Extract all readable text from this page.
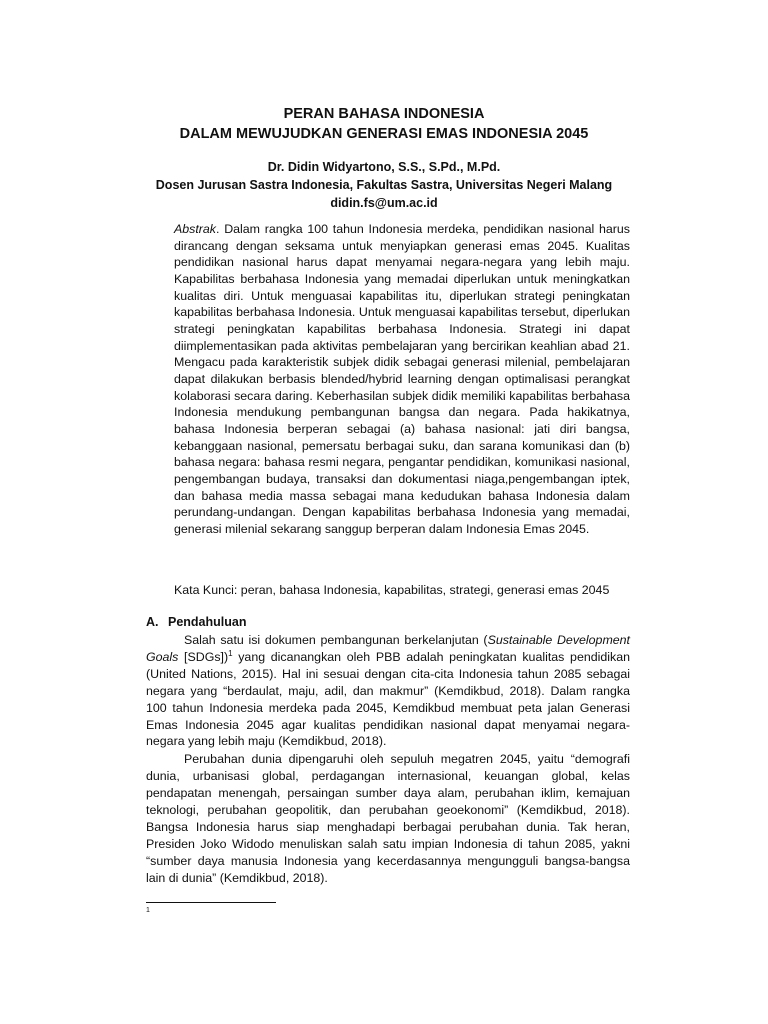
PERAN BAHASA INDONESIA
DALAM MEWUJUDKAN GENERASI EMAS INDONESIA 2045
Dr. Didin Widyartono, S.S., S.Pd., M.Pd.
Dosen Jurusan Sastra Indonesia, Fakultas Sastra, Universitas Negeri Malang
didin.fs@um.ac.id
Abstrak. Dalam rangka 100 tahun Indonesia merdeka, pendidikan nasional harus dirancang dengan seksama untuk menyiapkan generasi emas 2045. Kualitas pendidikan nasional harus dapat menyamai negara-negara yang lebih maju. Kapabilitas berbahasa Indonesia yang memadai diperlukan untuk meningkatkan kualitas diri. Untuk menguasai kapabilitas itu, diperlukan strategi peningkatan kapabilitas berbahasa Indonesia. Untuk menguasai kapabilitas tersebut, diperlukan strategi peningkatan kapabilitas berbahasa Indonesia. Strategi ini dapat diimplementasikan pada aktivitas pembelajaran yang bercirikan keahlian abad 21. Mengacu pada karakteristik subjek didik sebagai generasi milenial, pembelajaran dapat dilakukan berbasis blended/hybrid learning dengan optimalisasi perangkat kolaborasi secara daring. Keberhasilan subjek didik memiliki kapabilitas berbahasa Indonesia mendukung pembangunan bangsa dan negara. Pada hakikatnya, bahasa Indonesia berperan sebagai (a) bahasa nasional: jati diri bangsa, kebanggaan nasional, pemersatu berbagai suku, dan sarana komunikasi dan (b) bahasa negara: bahasa resmi negara, pengantar pendidikan, komunikasi nasional, pengembangan budaya, transaksi dan dokumentasi niaga,pengembangan iptek, dan bahasa media massa sebagai mana kedudukan bahasa Indonesia dalam perundang-undangan. Dengan kapabilitas berbahasa Indonesia yang memadai, generasi milenial sekarang sanggup berperan dalam Indonesia Emas 2045.
Kata Kunci: peran, bahasa Indonesia, kapabilitas, strategi, generasi emas 2045
A. Pendahuluan

Salah satu isi dokumen pembangunan berkelanjutan (Sustainable Development Goals [SDGs])$^1$ yang dicanangkan oleh PBB adalah peningkatan kualitas pendidikan (United Nations, 2015). Hal ini sesuai dengan cita-cita Indonesia tahun 2085 sebagai negara yang “berdaulat, maju, adil, dan makmur” (Kemdikbud, 2018). Dalam rangka 100 tahun Indonesia merdeka pada 2045, Kemdikbud membuat peta jalan Generasi Emas Indonesia 2045 agar kualitas pendidikan nasional dapat menyamai negara-negara yang lebih maju (Kemdikbud, 2018).

Perubahan dunia dipengaruhi oleh sepuluh megatren 2045, yaitu “demografi dunia, urbanisasi global, perdagangan internasional, keuangan global, kelas pendapatan menengah, persaingan sumber daya alam, perubahan iklim, kemajuan teknologi, perubahan geopolitik, dan perubahan geoekonomi” (Kemdikbud, 2018). Bangsa Indonesia harus siap menghadapi berbagai perubahan dunia. Tak heran, Presiden Joko Widodo menuliskan salah satu impian Indonesia di tahun 2085, yakni “sumber daya manusia Indonesia yang kecerdasannya mengungguli bangsa-bangsa lain di dunia” (Kemdikbud, 2018).

1
